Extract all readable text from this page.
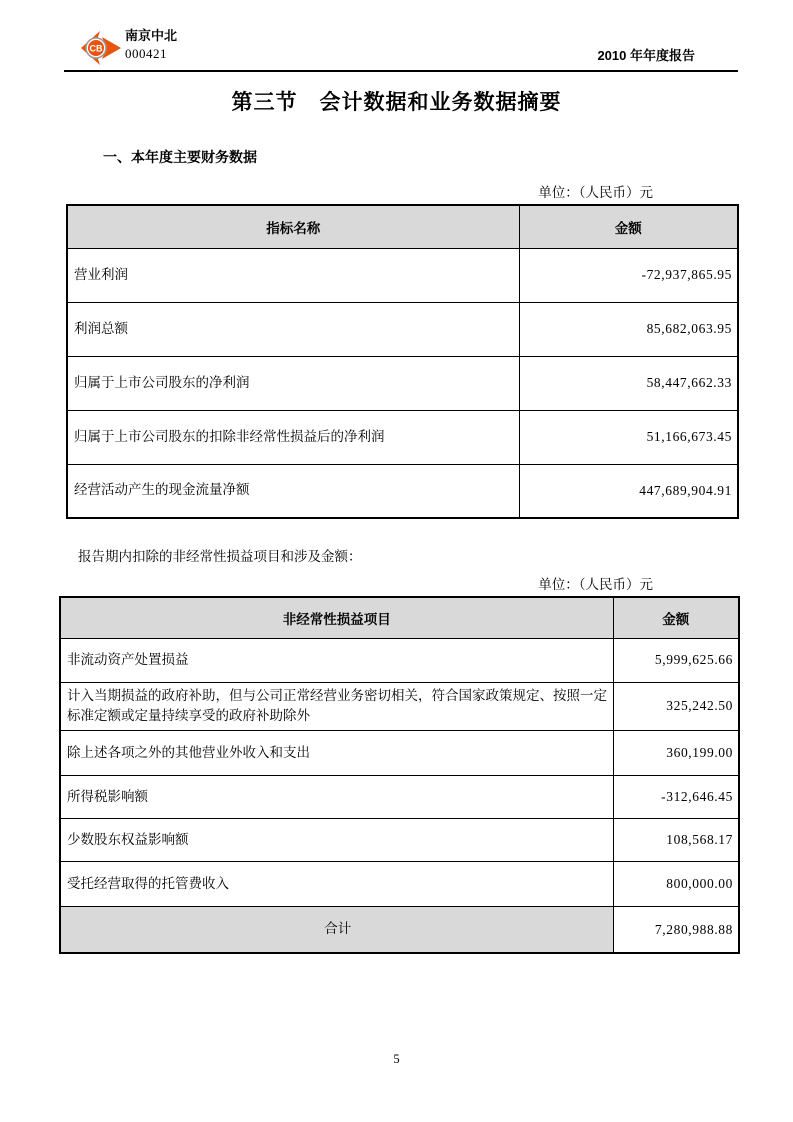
CB
南京中北
000421	2010 年年度报告
第三节　会计数据和业务数据摘要
一、本年度主要财务数据
单位：（人民币）元
指标名称	金额
营业利润	-72,937,865.95
利润总额	85,682,063.95
归属于上市公司股东的净利润	58,447,662.33
归属于上市公司股东的扣除非经常性损益后的净利润	51,166,673.45
经营活动产生的现金流量净额	447,689,904.91
报告期内扣除的非经常性损益项目和涉及金额：
单位：（人民币）元
非经常性损益项目	金额
非流动资产处置损益	5,999,625.66
计入当期损益的政府补助，但与公司正常经营业务密切相关，符合国家政策规定、按照一定标准定额或定量持续享受的政府补助除外	325,242.50
除上述各项之外的其他营业外收入和支出	360,199.00
所得税影响额	-312,646.45
少数股东权益影响额	108,568.17
受托经营取得的托管费收入	800,000.00
合计	7,280,988.88
5
